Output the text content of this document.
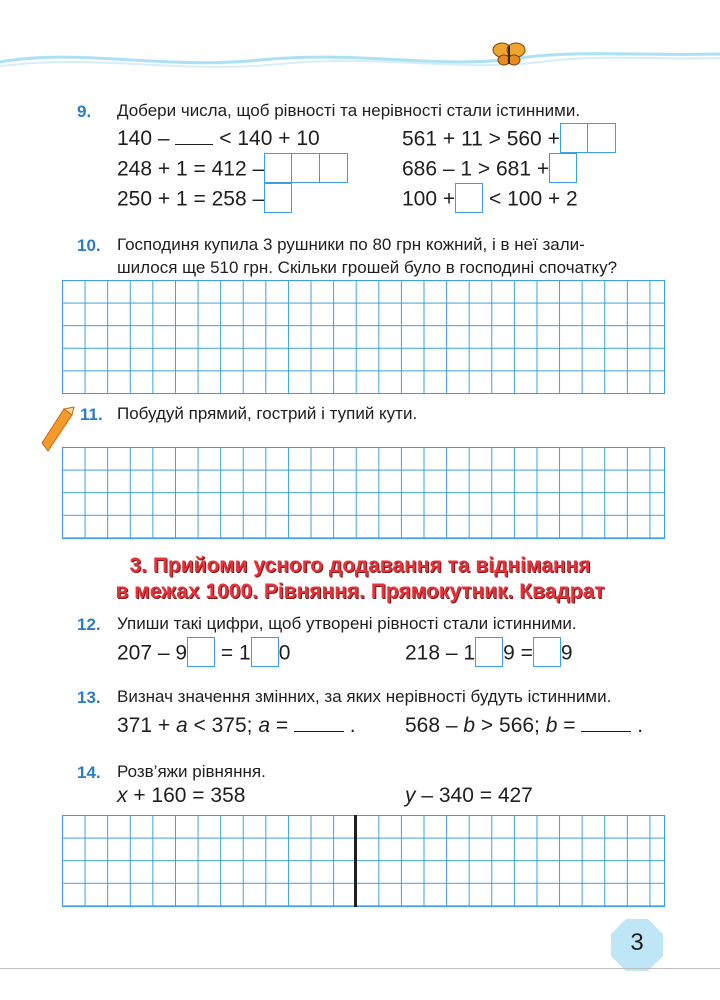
9. Добери числа, щоб рівності та нерівності стали істинними.
140 – < 140 + 10
248 + 1 = 412 –
250 + 1 = 258 –
561 + 11 > 560 +
686 – 1 > 681 +
100 + < 100 + 2
10. Господиня купила 3 рушники по 80 грн кожний, і в неї зали-
шилося ще 510 грн. Скільки грошей було в господині спочатку?
11. Побудуй прямий, гострий і тупий кути.
3. Прийоми усного додавання та віднімання
в межах 1000. Рівняння. Прямокутник. Квадрат
12. Упиши такі цифри, щоб утворені рівності стали істинними.
207 – 9 = 1 0	218 – 1 9 = 9
13. Визнач значення змінних, за яких нерівності будуть істинними.
371 + a < 375; a =	. 568 – b > 566; b =	.
14. Розв’яжи рівняння.
x + 160 = 358	y – 340 = 427
3
